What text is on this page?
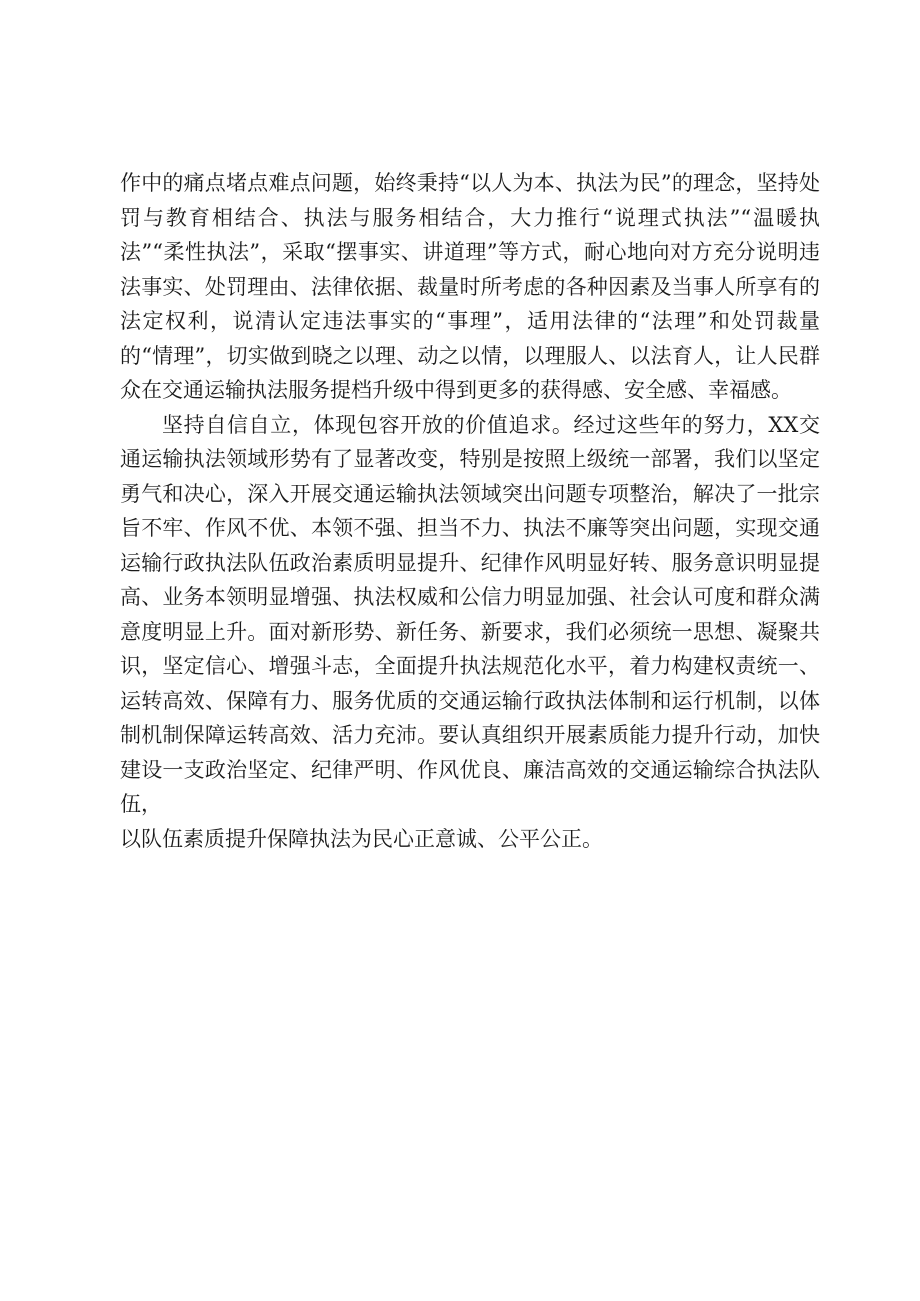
作中的痛点堵点难点问题，始终秉持“以人为本、执法为民”的理念，坚持处罚与教育相结合、执法与服务相结合，大力推行“说理式执法”“温暖执法”“柔性执法”，采取“摆事实、讲道理”等方式，耐心地向对方充分说明违法事实、处罚理由、法律依据、裁量时所考虑的各种因素及当事人所享有的法定权利，说清认定违法事实的“事理”，适用法律的“法理”和处罚裁量的“情理”，切实做到晓之以理、动之以情，以理服人、以法育人，让人民群众在交通运输执法服务提档升级中得到更多的获得感、安全感、幸福感。

坚持自信自立，体现包容开放的价值追求。经过这些年的努力，XX交通运输执法领域形势有了显著改变，特别是按照上级统一部署，我们以坚定勇气和决心，深入开展交通运输执法领域突出问题专项整治，解决了一批宗旨不牢、作风不优、本领不强、担当不力、执法不廉等突出问题，实现交通运输行政执法队伍政治素质明显提升、纪律作风明显好转、服务意识明显提高、业务本领明显增强、执法权威和公信力明显加强、社会认可度和群众满意度明显上升。面对新形势、新任务、新要求，我们必须统一思想、凝聚共识，坚定信心、增强斗志，全面提升执法规范化水平，着力构建权责统一、运转高效、保障有力、服务优质的交通运输行政执法体制和运行机制，以体制机制保障运转高效、活力充沛。要认真组织开展素质能力提升行动，加快建设一支政治坚定、纪律严明、作风优良、廉洁高效的交通运输综合执法队伍，

以队伍素质提升保障执法为民心正意诚、公平公正。
